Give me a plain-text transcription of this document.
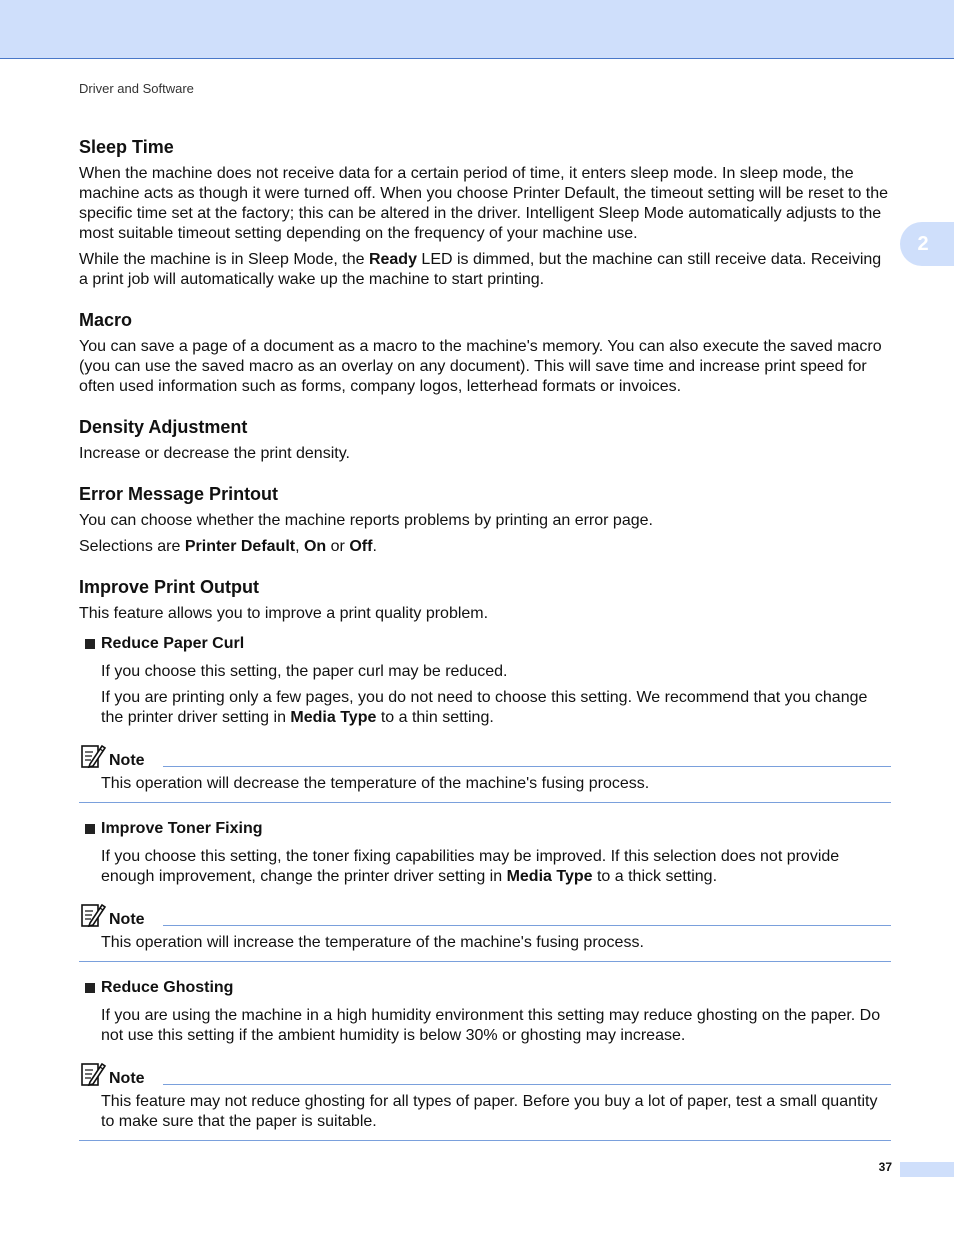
Driver and Software
2
Sleep Time

When the machine does not receive data for a certain period of time, it enters sleep mode. In sleep mode, the machine acts as though it were turned off. When you choose Printer Default, the timeout setting will be reset to the specific time set at the factory; this can be altered in the driver. Intelligent Sleep Mode automatically adjusts to the most suitable timeout setting depending on the frequency of your machine use.

While the machine is in Sleep Mode, the Ready LED is dimmed, but the machine can still receive data. Receiving a print job will automatically wake up the machine to start printing.

Macro

You can save a page of a document as a macro to the machine's memory. You can also execute the saved macro (you can use the saved macro as an overlay on any document). This will save time and increase print speed for often used information such as forms, company logos, letterhead formats or invoices.

Density Adjustment

Increase or decrease the print density.

Error Message Printout

You can choose whether the machine reports problems by printing an error page.

Selections are Printer Default, On or Off.

Improve Print Output

This feature allows you to improve a print quality problem.

Reduce Paper Curl

If you choose this setting, the paper curl may be reduced.

If you are printing only a few pages, you do not need to choose this setting. We recommend that you change the printer driver setting in Media Type to a thin setting.

Note

This operation will decrease the temperature of the machine's fusing process.

Improve Toner Fixing

If you choose this setting, the toner fixing capabilities may be improved. If this selection does not provide enough improvement, change the printer driver setting in Media Type to a thick setting.

Note

This operation will increase the temperature of the machine's fusing process.

Reduce Ghosting

If you are using the machine in a high humidity environment this setting may reduce ghosting on the paper. Do not use this setting if the ambient humidity is below 30% or ghosting may increase.

Note

This feature may not reduce ghosting for all types of paper. Before you buy a lot of paper, test a small quantity to make sure that the paper is suitable.

37
